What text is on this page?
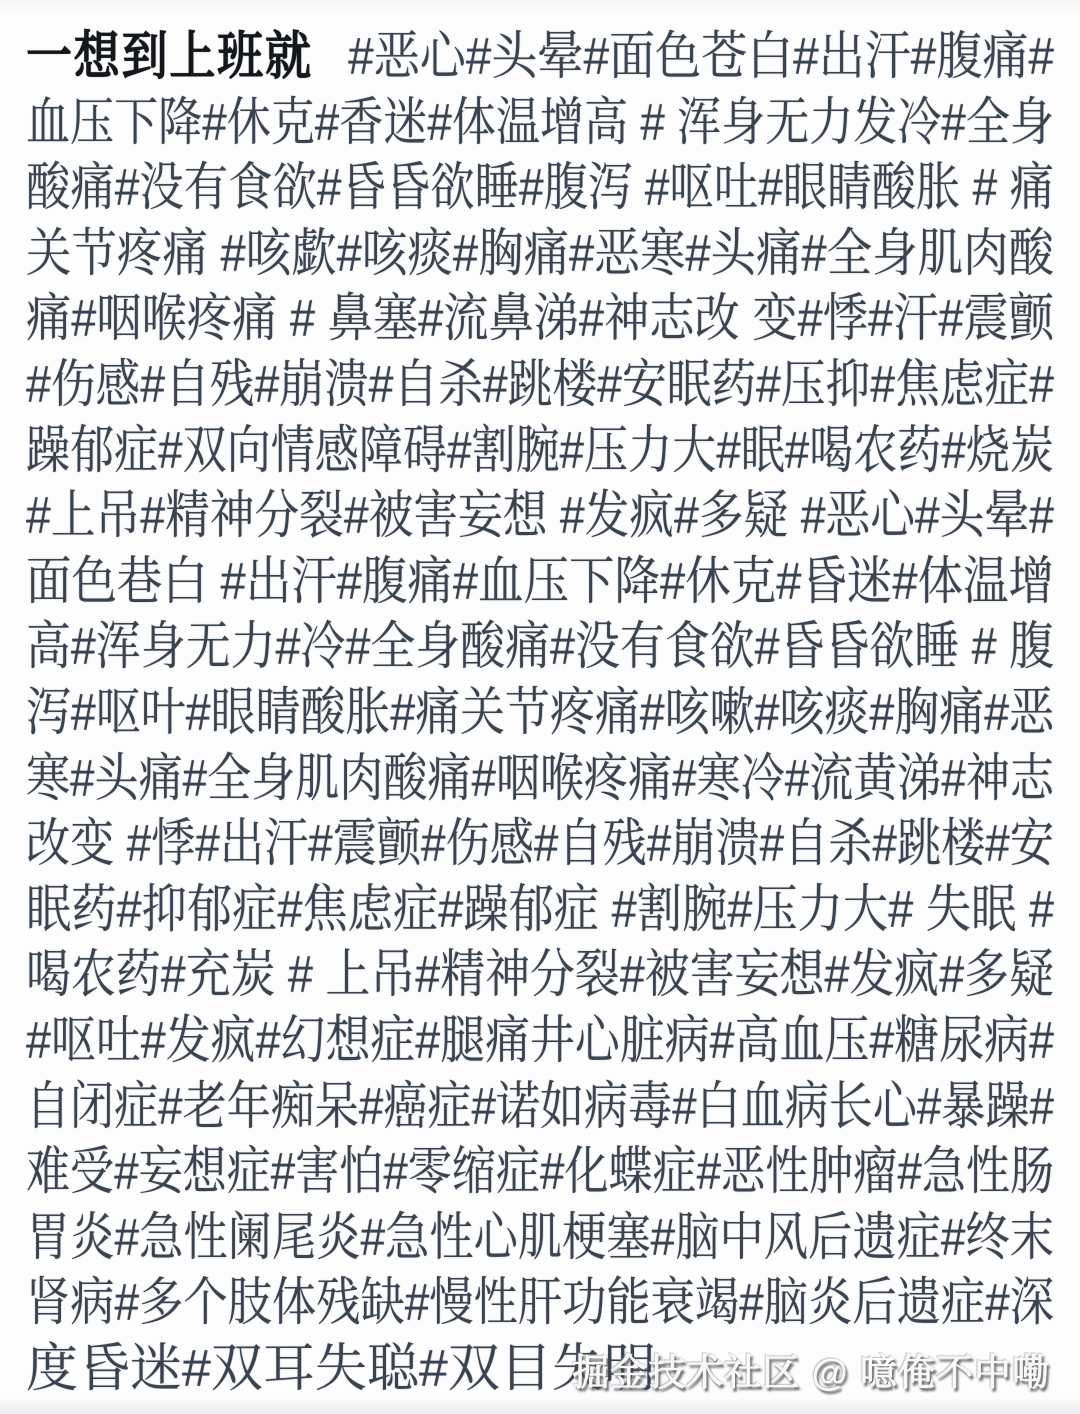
一想到上班就 #恶心#头晕#面色苍白#出汗#腹痛#
血压下降#休克#香迷#体温增高 # 浑身无力发冷#全身
酸痛#没有食欲#昏昏欲睡#腹泻 #呕吐#眼睛酸胀 # 痛
关节疼痛 #咳歔#咳痰#胸痛#恶寒#头痛#全身肌肉酸
痛#咽喉疼痛 # 鼻塞#流鼻涕#神志改 变#悸#汗#震颤
#伤感#自残#崩溃#自杀#跳楼#安眠药#压抑#焦虑症#
躁郁症#双向情感障碍#割腕#压力大#眠#喝农药#烧炭
#上吊#精神分裂#被害妄想 #发疯#多疑 #恶心#头晕#
面色巷白 #出汗#腹痛#血压下降#休克#昏迷#体温增
高#浑身无力#冷#全身酸痛#没有食欲#昏昏欲睡 # 腹
泻#呕叶#眼睛酸胀#痛关节疼痛#咳嗽#咳痰#胸痛#恶
寒#头痛#全身肌肉酸痛#咽喉疼痛#寒冷#流黄涕#神志
改变 #悸#出汗#震颤#伤感#自残#崩溃#自杀#跳楼#安
眠药#抑郁症#焦虑症#躁郁症 #割腕#压力大# 失眠 #
喝农药#充炭 # 上吊#精神分裂#被害妄想#发疯#多疑
#呕吐#发疯#幻想症#腿痛井心脏病#高血压#糖尿病#
自闭症#老年痴呆#癌症#诺如病毒#白血病长心#暴躁#
难受#妄想症#害怕#零缩症#化蝶症#恶性肿瘤#急性肠
胃炎#急性阑尾炎#急性心肌梗塞#脑中风后遗症#终末
肾病#多个肢体残缺#慢性肝功能衰竭#脑炎后遗症#深
度昏迷#双耳失聪#双目失明
掘金技术社区 @ 噫俺不中嘞
